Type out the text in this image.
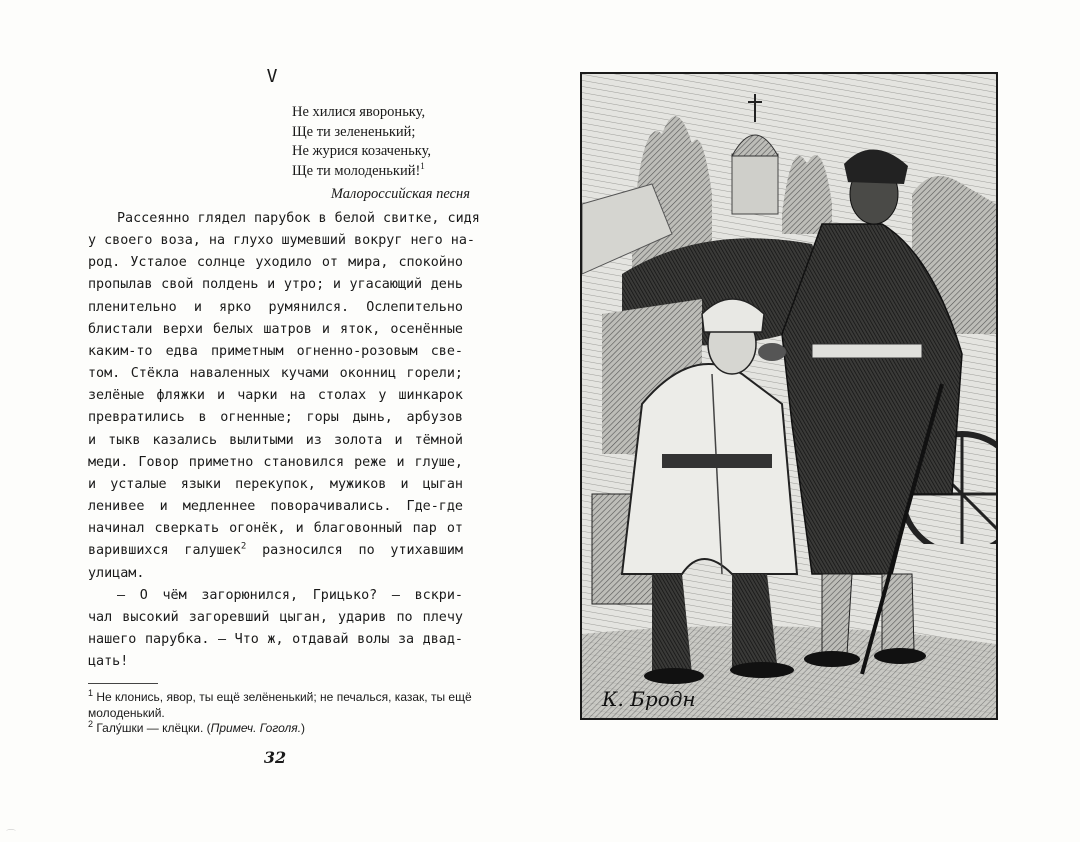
V
Не хилися явороньку,
Ще ти зелененький;
Не журися козаченьку,
Ще ти молоденький!$^1$
Малороссийская песня
Рассеянно глядел парубок в белой свитке, сидя
у своего воза, на глухо шумевший вокруг него на-
род. Усталое солнце уходило от мира, спокойно
пропылав свой полдень и утро; и угасающий день
пленительно и ярко румянился. Ослепительно
блистали верхи белых шатров и яток, осенённые
каким-то едва приметным огненно-розовым све-
том. Стёкла наваленных кучами оконниц горели;
зелёные фляжки и чарки на столах у шинкарок
превратились в огненные; горы дынь, арбузов
и тыкв казались вылитыми из золота и тёмной
меди. Говор приметно становился реже и глуше,
и усталые языки перекупок, мужиков и цыган
ленивее и медленнее поворачивались. Где-где
начинал сверкать огонёк, и благовонный пар от
варившихся галушек$^2$ разносился по утихавшим
улицам.
— О чём загорюнился, Грицько? — вскри-
чал высокий загоревший цыган, ударив по плечу
нашего парубка. — Что ж, отдавай волы за двад-
цать!
$^1$ Не клонись, явор, ты ещё зелёненький; не печалься, казак, ты ещё
молоденький.
$^2$ Галу́шки — клёцки. (Примеч. Гоголя.)
32
⌒
К. Бродн
